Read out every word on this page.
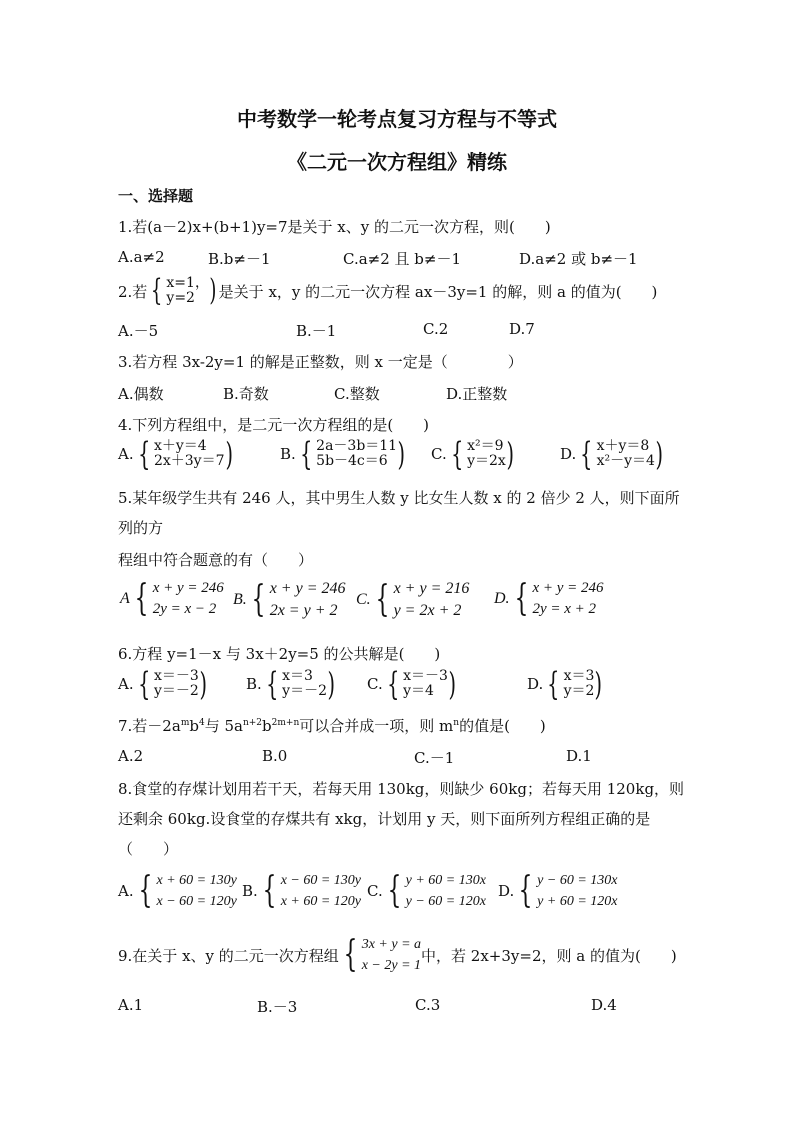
中考数学一轮考点复习方程与不等式
《二元一次方程组》精练
一、选择题
1.若(a－2)x+(b+1)y=7是关于 x、y 的二元一次方程，则(　　)
A.a≠2	B.b≠－1	C.a≠2 且 b≠－1	D.a≠2 或 b≠－1
2.若 { x=1，
y=2 ) 是关于 x，y 的二元一次方程 ax－3y=1 的解，则 a 的值为(　　)
A.－5	B.－1	C.2	D.7
3.若方程 3x-2y=1 的解是正整数，则 x 一定是（　　　　）
A.偶数	B.奇数	C.整数	D.正整数
4.下列方程组中，是二元一次方程组的是(　　)
A. { x＋y＝4
2x＋3y＝7 )	B. { 2a－3b＝11
5b－4c＝6 ) C. { x²＝9
y＝2x )	D. { x＋y＝8
x²－y＝4 )
5.某年级学生共有 246 人，其中男生人数 y 比女生人数 x 的 2 倍少 2 人，则下面所
列的方
程组中符合题意的有（　　）
A { x + y = 246
2y = x − 2
B. { x + y = 246
2x = y + 2
C. { x + y = 216
y = 2x + 2
D. { x + y = 246
2y = x + 2
6.方程 y=1－x 与 3x＋2y=5 的公共解是(　　)
A. { x＝－3
y＝－2 )	B. { x＝3
y＝－2 ) C. { x＝－3
y＝4 )	D. { x＝3
y＝2 )
7.若$-2a^mb^4$与 $5a^{n+2}b^{2m+n}$可以合并成一项，则 $m^n$的值是(　　)
A.2	B.0	C.－1	D.1
8.食堂的存煤计划用若干天，若每天用 130kg，则缺少 60kg；若每天用 120kg，则
还剩余 60kg.设食堂的存煤共有 xkg，计划用 y 天，则下面所列方程组正确的是
（　　）
A. { x + 60 = 130y
x − 60 = 120y
B. { x − 60 = 130y
x + 60 = 120y
C. { y + 60 = 130x
y − 60 = 120x
D. { y − 60 = 130x
y + 60 = 120x
9.在关于 x、y 的二元一次方程组 { 3x + y = a
x − 2y = 1
中，若 2x+3y=2，则 a 的值为(　　)
A.1	B.－3	C.3	D.4
